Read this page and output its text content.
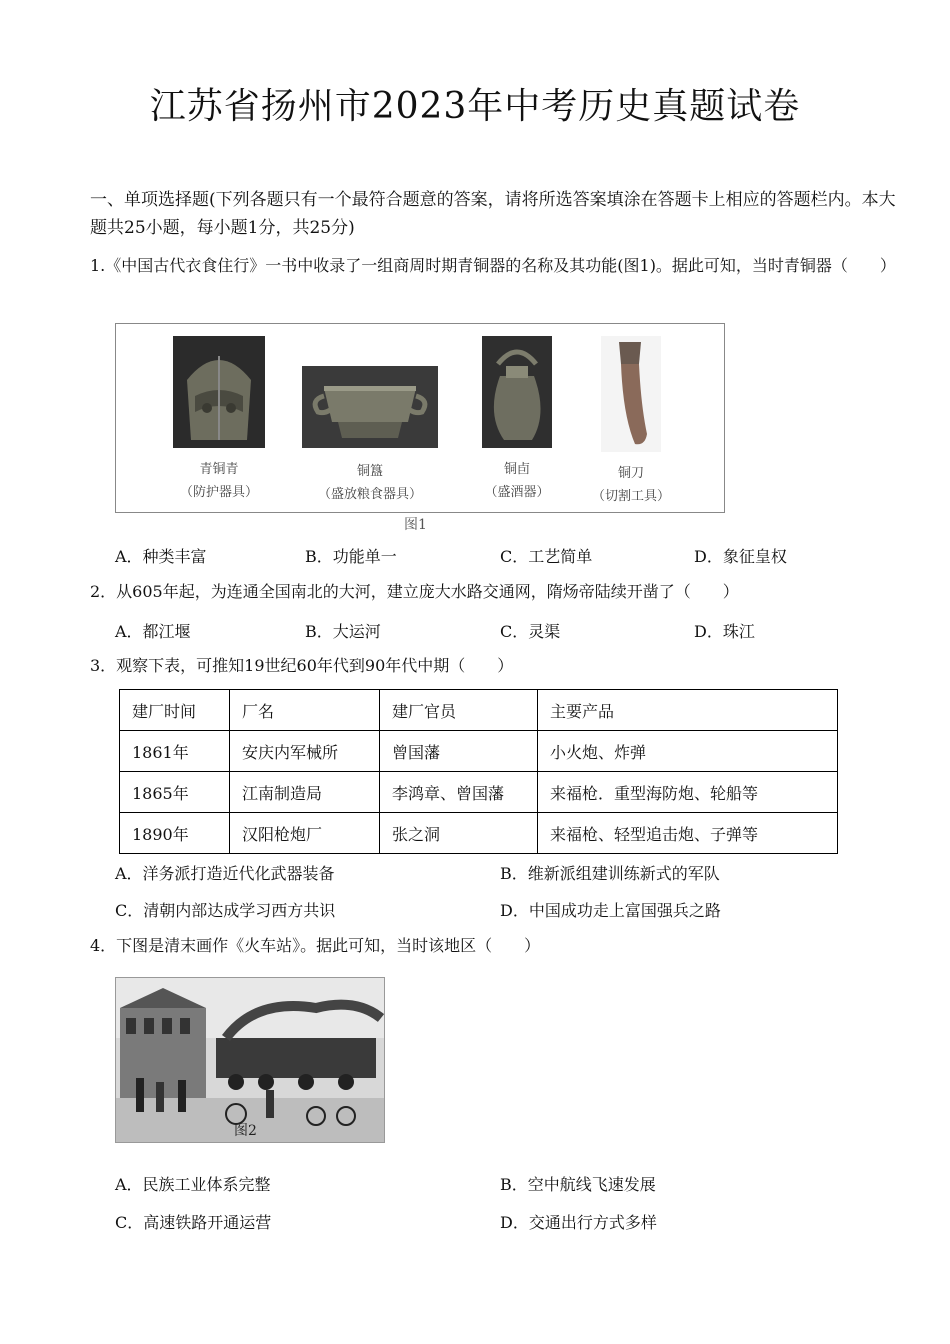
江苏省扬州市2023年中考历史真题试卷
一、单项选择题(下列各题只有一个最符合题意的答案，请将所选答案填涂在答题卡上相应的答题栏内。本大题共25小题，每小题1分，共25分)
1.《中国古代衣食住行》一书中收录了一组商周时期青铜器的名称及其功能(图1)。据此可知，当时青铜器（　　）
青铜青
（防护器具）
铜簋
（盛放粮食器具）
铜卣
（盛酒器）
铜刀
（切割工具）
图1
A．种类丰富	B．功能单一	C．工艺简单	D．象征皇权
2．从605年起，为连通全国南北的大河，建立庞大水路交通网，隋炀帝陆续开凿了（　　）
A．都江堰	B．大运河	C．灵渠	D．珠江
3．观察下表，可推知19世纪60年代到90年代中期（　　）
建厂时间	厂名	建厂官员	主要产品
1861年	安庆内军械所	曾国藩	小火炮、炸弹
1865年	江南制造局	李鸿章、曾国藩	来福枪．重型海防炮、轮船等
1890年	汉阳枪炮厂	张之洞	来福枪、轻型追击炮、子弹等
A．洋务派打造近代化武器装备	B．维新派组建训练新式的军队
C．清朝内部达成学习西方共识	D．中国成功走上富国强兵之路
4．下图是清末画作《火车站》。据此可知，当时该地区（　　）
图2
A．民族工业体系完整	B．空中航线飞速发展
C．高速铁路开通运营	D．交通出行方式多样
